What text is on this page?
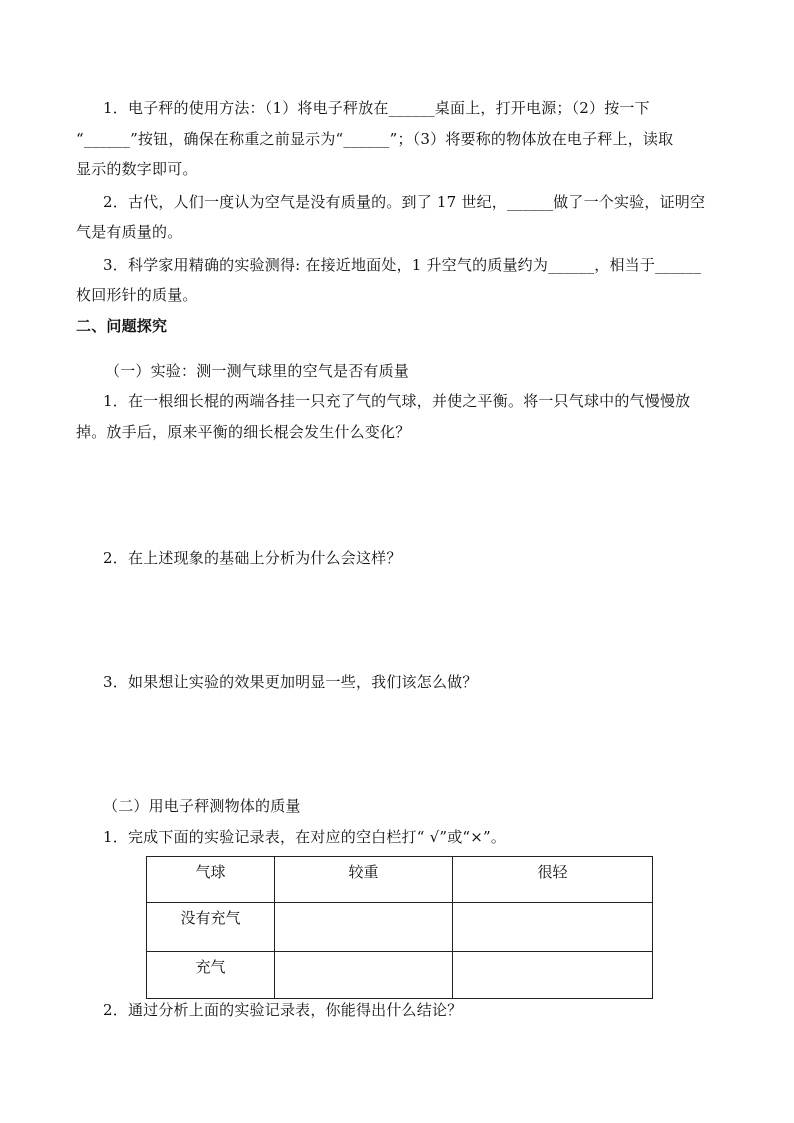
1．电子秤的使用方法：（1）将电子秤放在______桌面上，打开电源；（2）按一下
“______”按钮，确保在称重之前显示为“______”；（3）将要称的物体放在电子秤上，读取
显示的数字即可。
2．古代，人们一度认为空气是没有质量的。到了 17 世纪，______做了一个实验，证明空
气是有质量的。
3．科学家用精确的实验测得: 在接近地面处，1 升空气的质量约为______，相当于______
枚回形针的质量。
二、问题探究
（一）实验：测一测气球里的空气是否有质量
1．在一根细长棍的两端各挂一只充了气的气球，并使之平衡。将一只气球中的气慢慢放
掉。放手后，原来平衡的细长棍会发生什么变化？
2．在上述现象的基础上分析为什么会这样？
3．如果想让实验的效果更加明显一些，我们该怎么做？
（二）用电子秤测物体的质量
1．完成下面的实验记录表，在对应的空白栏打“ √”或“×”。
气球	较重	很轻
没有充气		
充气		
2．通过分析上面的实验记录表，你能得出什么结论？
